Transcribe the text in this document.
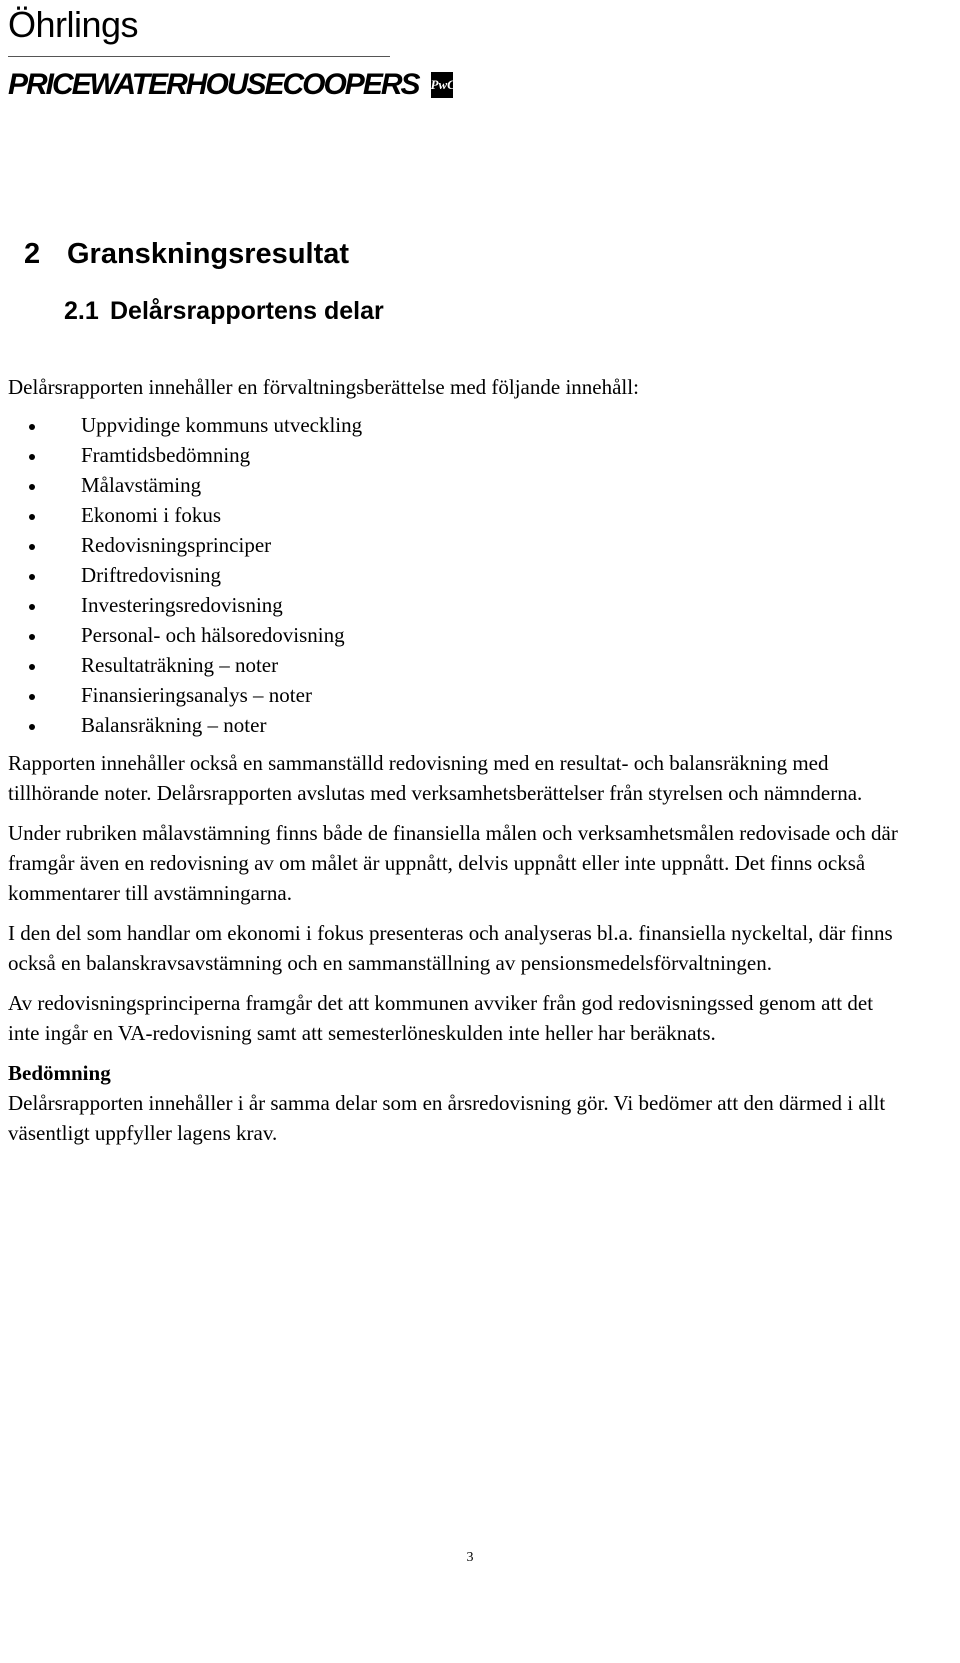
Öhrlings
PRICEWATERHOUSECOOPERS PwC
2 Granskningsresultat
2.1 Delårsrapportens delar

Delårsrapporten innehåller en förvaltningsberättelse med följande innehåll:

Uppvidinge kommuns utveckling
Framtidsbedömning
Målavstäming
Ekonomi i fokus
Redovisningsprinciper
Driftredovisning
Investeringsredovisning
Personal- och hälsoredovisning
Resultaträkning – noter
Finansieringsanalys – noter
Balansräkning – noter

Rapporten innehåller också en sammanställd redovisning med en resultat- och balansräkning med tillhörande noter. Delårsrapporten avslutas med verksamhetsberättelser från styrelsen och nämnderna.

Under rubriken målavstämning finns både de finansiella målen och verksamhetsmålen redovisade och där framgår även en redovisning av om målet är uppnått, delvis uppnått eller inte uppnått. Det finns också kommentarer till avstämningarna.

I den del som handlar om ekonomi i fokus presenteras och analyseras bl.a. finansiella nyckeltal, där finns också en balanskravsavstämning och en sammanställning av pensionsmedelsförvaltningen.

Av redovisningsprinciperna framgår det att kommunen avviker från god redovisningssed genom att det inte ingår en VA-redovisning samt att semesterlöneskulden inte heller har beräknats.

Bedömning

Delårsrapporten innehåller i år samma delar som en årsredovisning gör. Vi bedömer att den därmed i allt väsentligt uppfyller lagens krav.

3
